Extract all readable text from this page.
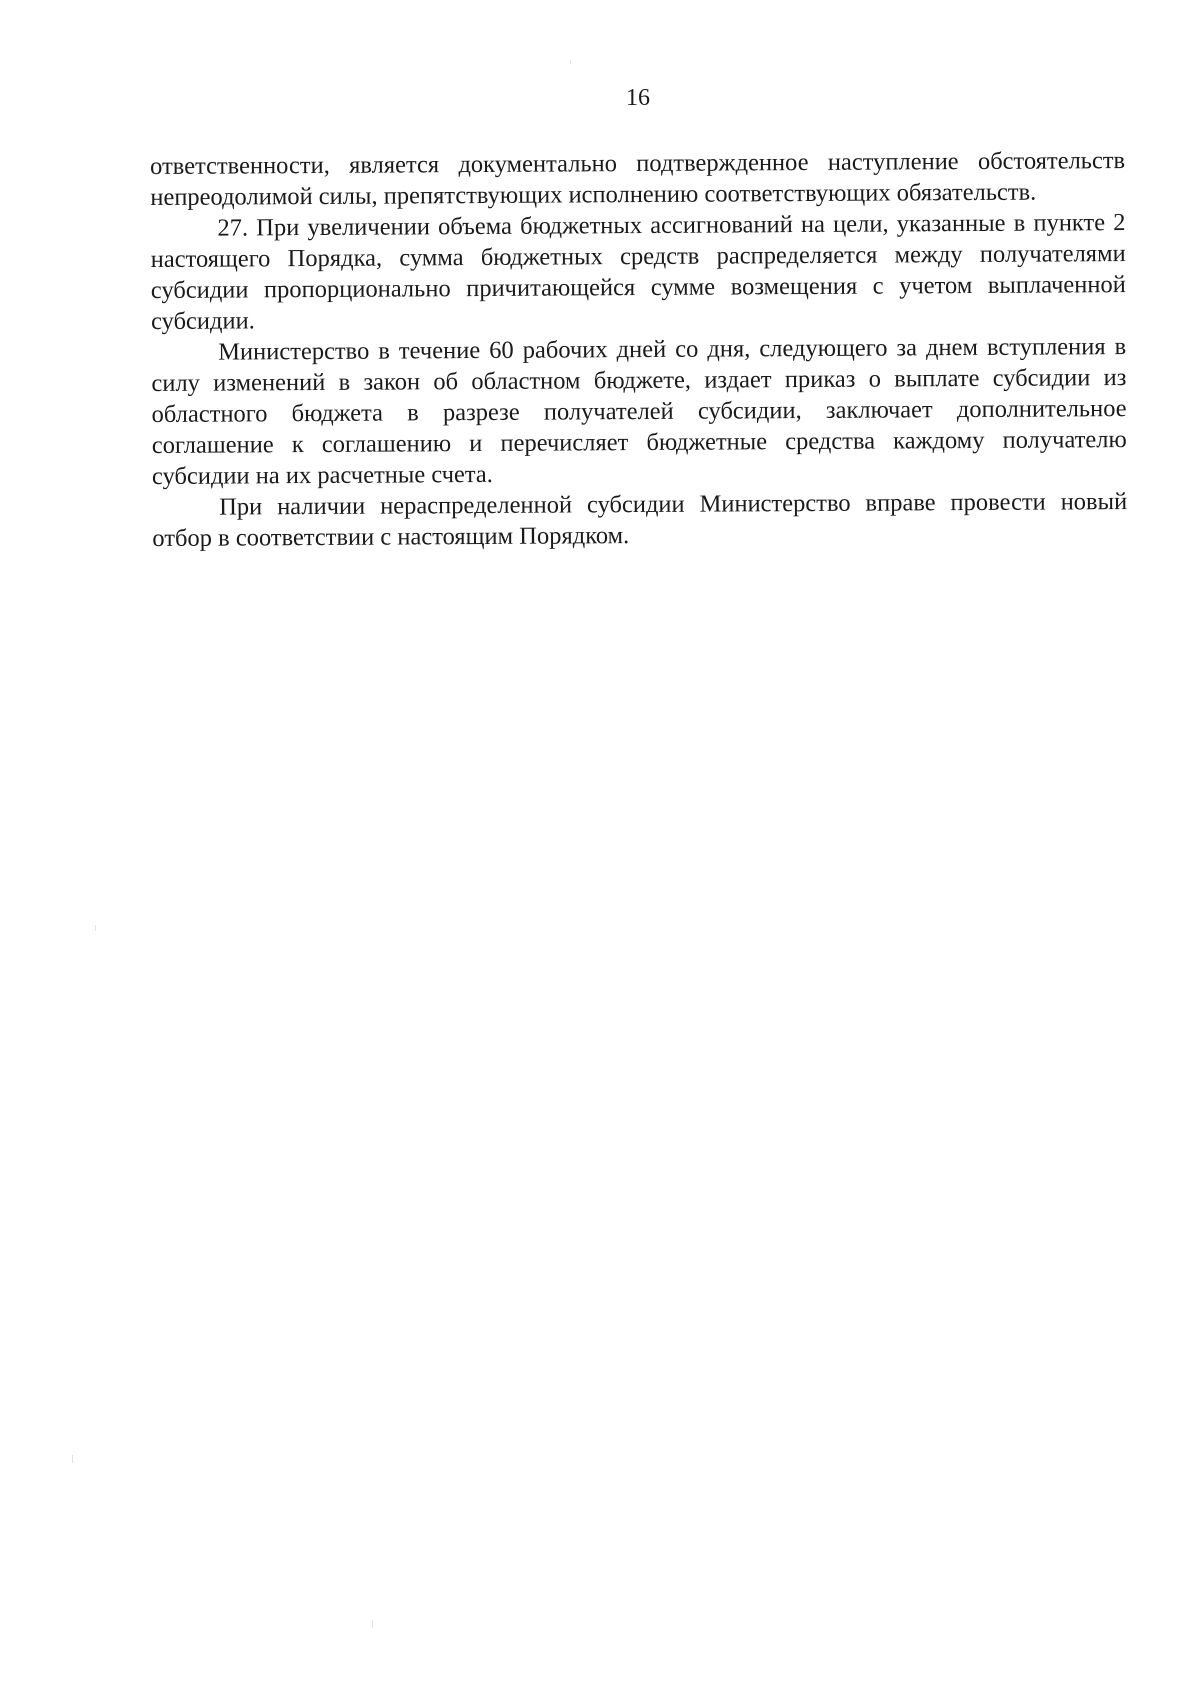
16

ответственности, является документально подтвержденное наступление обстоятельств непреодолимой силы, препятствующих исполнению соответствующих обязательств.

27. При увеличении объема бюджетных ассигнований на цели, указанные в пункте 2 настоящего Порядка, сумма бюджетных средств распределяется между получателями субсидии пропорционально причитающейся сумме возмещения с учетом выплаченной субсидии.

Министерство в течение 60 рабочих дней со дня, следующего за днем вступления в силу изменений в закон об областном бюджете, издает приказ о выплате субсидии из областного бюджета в разрезе получателей субсидии, заключает дополнительное соглашение к соглашению и перечисляет бюджетные средства каждому получателю субсидии на их расчетные счета.

При наличии нераспределенной субсидии Министерство вправе провести новый отбор в соответствии с настоящим Порядком.
